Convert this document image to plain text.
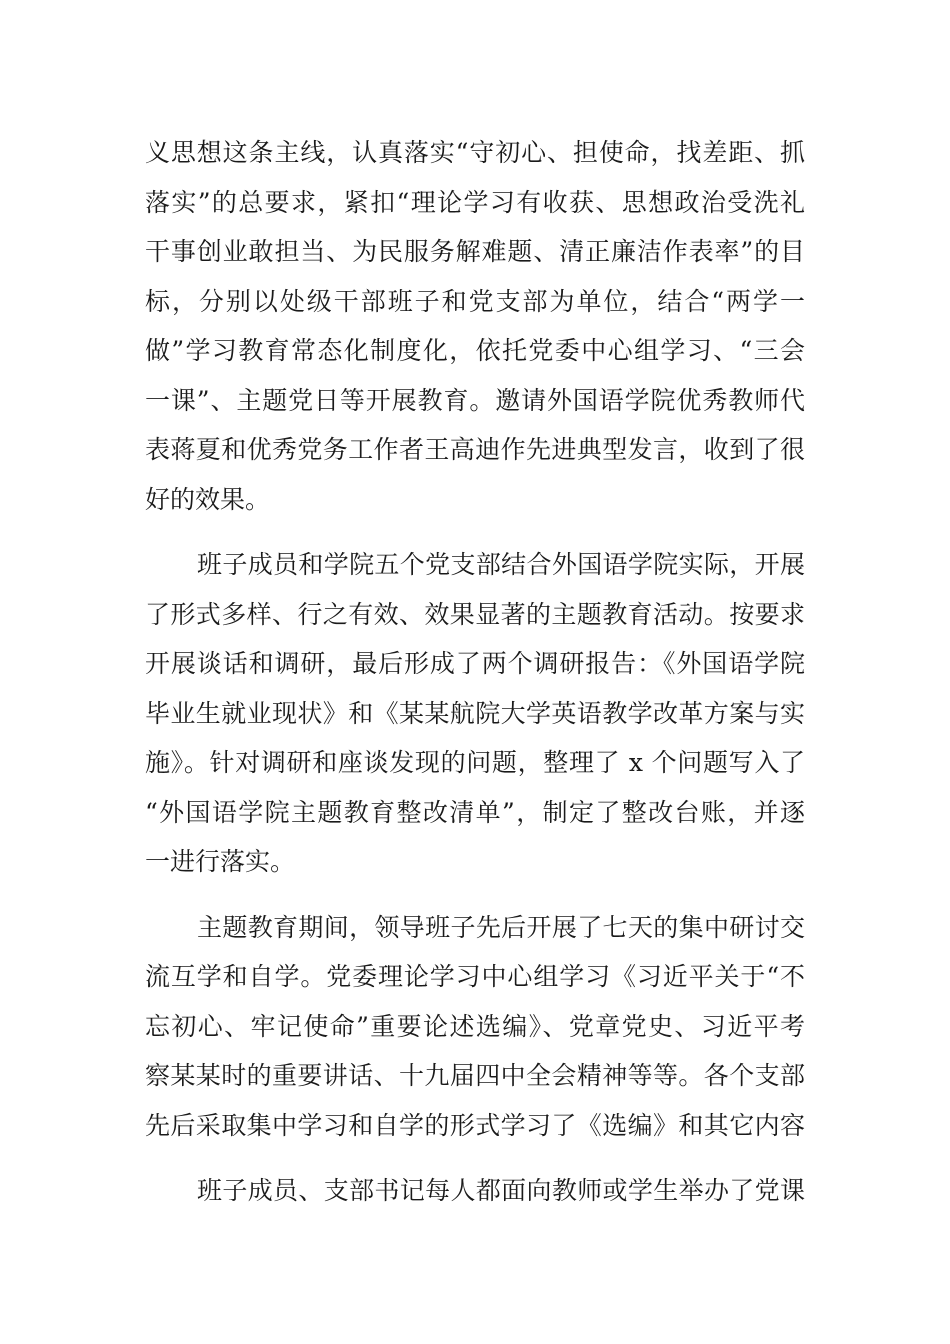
义思想这条主线，认真落实“守初心、担使命，找差距、抓
落实”的总要求，紧扣“理论学习有收获、思想政治受洗礼
干事创业敢担当、为民服务解难题、清正廉洁作表率”的目
标，分别以处级干部班子和党支部为单位，结合“两学一
做”学习教育常态化制度化，依托党委中心组学习、“三会
一课”、主题党日等开展教育。邀请外国语学院优秀教师代
表蒋夏和优秀党务工作者王高迪作先进典型发言，收到了很
好的效果。
班子成员和学院五个党支部结合外国语学院实际，开展
了形式多样、行之有效、效果显著的主题教育活动。按要求
开展谈话和调研，最后形成了两个调研报告：《外国语学院
毕业生就业现状》和《某某航院大学英语教学改革方案与实
施》。针对调研和座谈发现的问题，整理了 x 个问题写入了
“外国语学院主题教育整改清单”，制定了整改台账，并逐
一进行落实。
主题教育期间，领导班子先后开展了七天的集中研讨交
流互学和自学。党委理论学习中心组学习《习近平关于“不
忘初心、牢记使命”重要论述选编》、党章党史、习近平考
察某某时的重要讲话、十九届四中全会精神等等。各个支部
先后采取集中学习和自学的形式学习了《选编》和其它内容
班子成员、支部书记每人都面向教师或学生举办了党课
